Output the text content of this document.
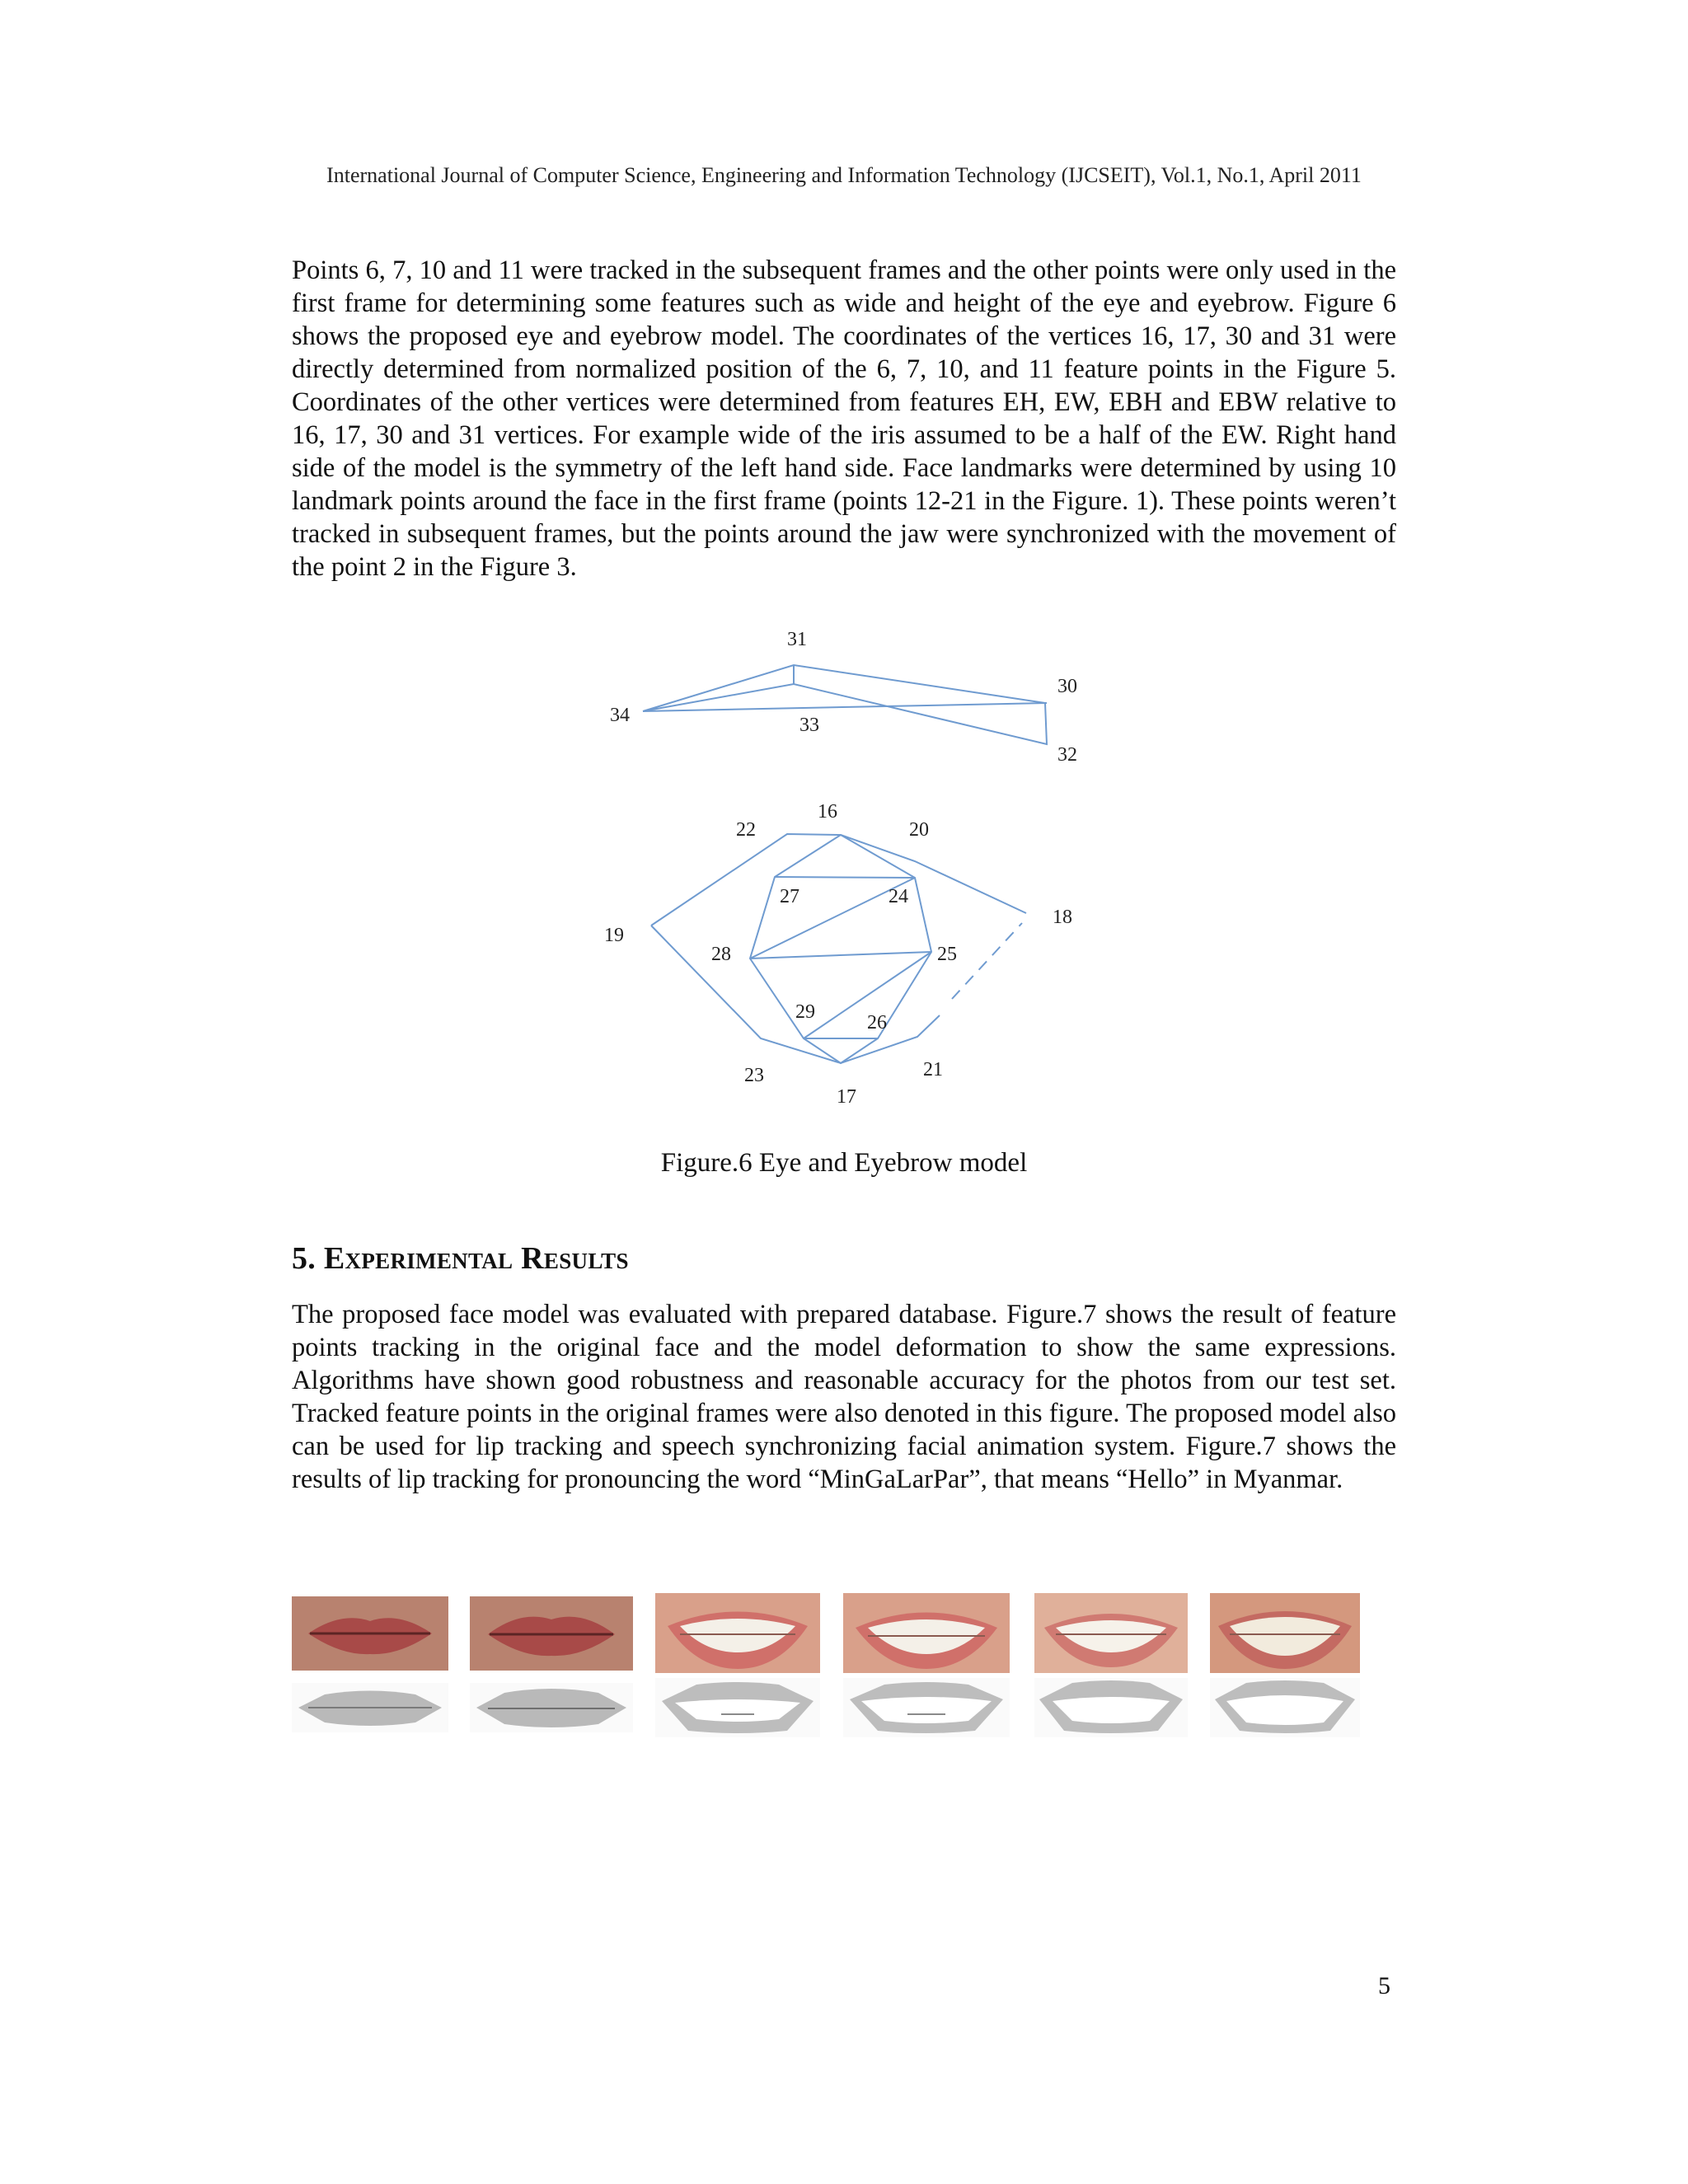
International Journal of Computer Science, Engineering and Information Technology (IJCSEIT), Vol.1, No.1, April 2011

Points 6, 7, 10 and 11 were tracked in the subsequent frames and the other points were only used in the first frame for determining some features such as wide and height of the eye and eyebrow. Figure 6 shows the proposed eye and eyebrow model. The coordinates of the vertices 16, 17, 30 and 31 were directly determined from normalized position of the 6, 7, 10, and 11 feature points in the Figure 5. Coordinates of the other vertices were determined from features EH, EW, EBH and EBW relative to 16, 17, 30 and 31 vertices. For example wide of the iris assumed to be a half of the EW. Right hand side of the model is the symmetry of the left hand side. Face landmarks were determined by using 10 landmark points around the face in the first frame (points 12-21 in the Figure. 1). These points weren’t tracked in subsequent frames, but the points around the jaw were synchronized with the movement of the point 2 in the Figure 3.

31
30
34	33
32
16
22	20
27	24
19
18
28	25
29	26
23	21
17
Figure.6 Eye and Eyebrow model
5. Experimental Results

The proposed face model was evaluated with prepared database. Figure.7 shows the result of feature points tracking in the original face and the model deformation to show the same expressions. Algorithms have shown good robustness and reasonable accuracy for the photos from our test set. Tracked feature points in the original frames were also denoted in this figure. The proposed model also can be used for lip tracking and speech synchronizing facial animation system. Figure.7 shows the results of lip tracking for pronouncing the word “MinGaLarPar”, that means “Hello” in Myanmar.

5
